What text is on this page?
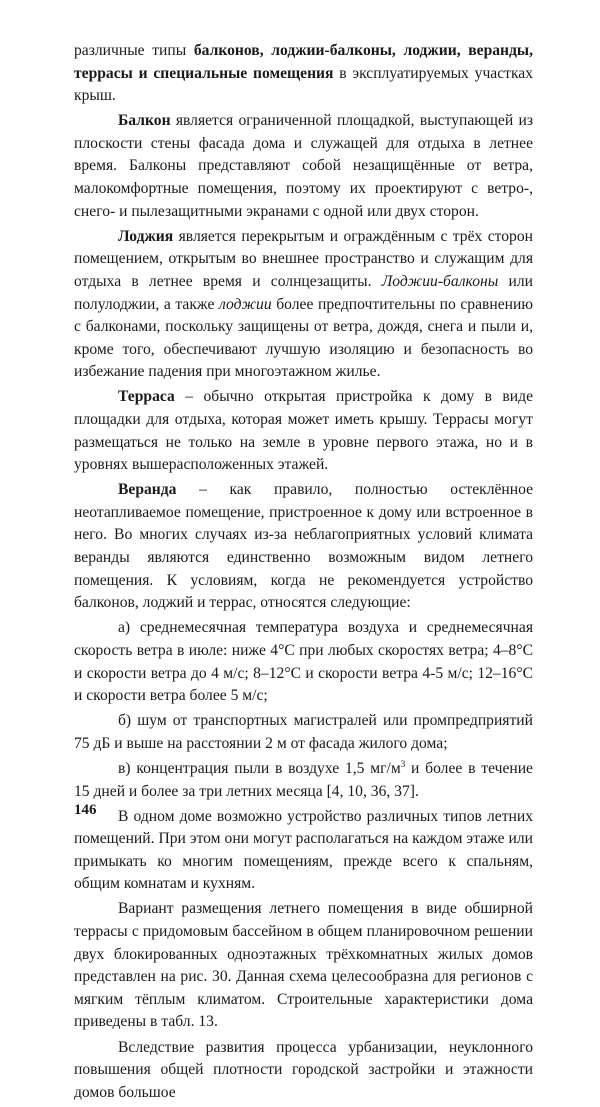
различные типы балконов, лоджии-балконы, лоджии, веранды, террасы и специальные помещения в эксплуатируемых участках крыш.

Балкон является ограниченной площадкой, выступающей из плоскости стены фасада дома и служащей для отдыха в летнее время. Балконы представляют собой незащищённые от ветра, малокомфортные помещения, поэтому их проектируют с ветро-, снего- и пылезащитными экранами с одной или двух сторон.

Лоджия является перекрытым и ограждённым с трёх сторон помещением, открытым во внешнее пространство и служащим для отдыха в летнее время и солнцезащиты. Лоджии-балконы или полулоджии, а также лоджии более предпочтительны по сравнению с балконами, поскольку защищены от ветра, дождя, снега и пыли и, кроме того, обеспечивают лучшую изоляцию и безопасность во избежание падения при многоэтажном жилье.

Терраса – обычно открытая пристройка к дому в виде площадки для отдыха, которая может иметь крышу. Террасы могут размещаться не только на земле в уровне первого этажа, но и в уровнях вышерасположенных этажей.

Веранда – как правило, полностью остеклённое неотапливаемое помещение, пристроенное к дому или встроенное в него. Во многих случаях из-за неблагоприятных условий климата веранды являются единственно возможным видом летнего помещения. К условиям, когда не рекомендуется устройство балконов, лоджий и террас, относятся следующие:

а) среднемесячная температура воздуха и среднемесячная скорость ветра в июле: ниже 4°С при любых скоростях ветра; 4–8°С и скорости ветра до 4 м/с; 8–12°С и скорости ветра 4-5 м/с; 12–16°С и скорости ветра более 5 м/с;

б) шум от транспортных магистралей или промпредприятий 75 дБ и выше на расстоянии 2 м от фасада жилого дома;

в) концентрация пыли в воздухе 1,5 $мг/м^3$ и более в течение 15 дней и более за три летних месяца [4, 10, 36, 37].

В одном доме возможно устройство различных типов летних помещений. При этом они могут располагаться на каждом этаже или примыкать ко многим помещениям, прежде всего к спальням, общим комнатам и кухням.

Вариант размещения летнего помещения в виде обширной террасы с придомовым бассейном в общем планировочном решении двух блокированных одноэтажных трёхкомнатных жилых домов представлен на рис. 30. Данная схема целесообразна для регионов с мягким тёплым климатом. Строительные характеристики дома приведены в табл. 13.

Вследствие развития процесса урбанизации, неуклонного повышения общей плотности городской застройки и этажности домов большое

146
